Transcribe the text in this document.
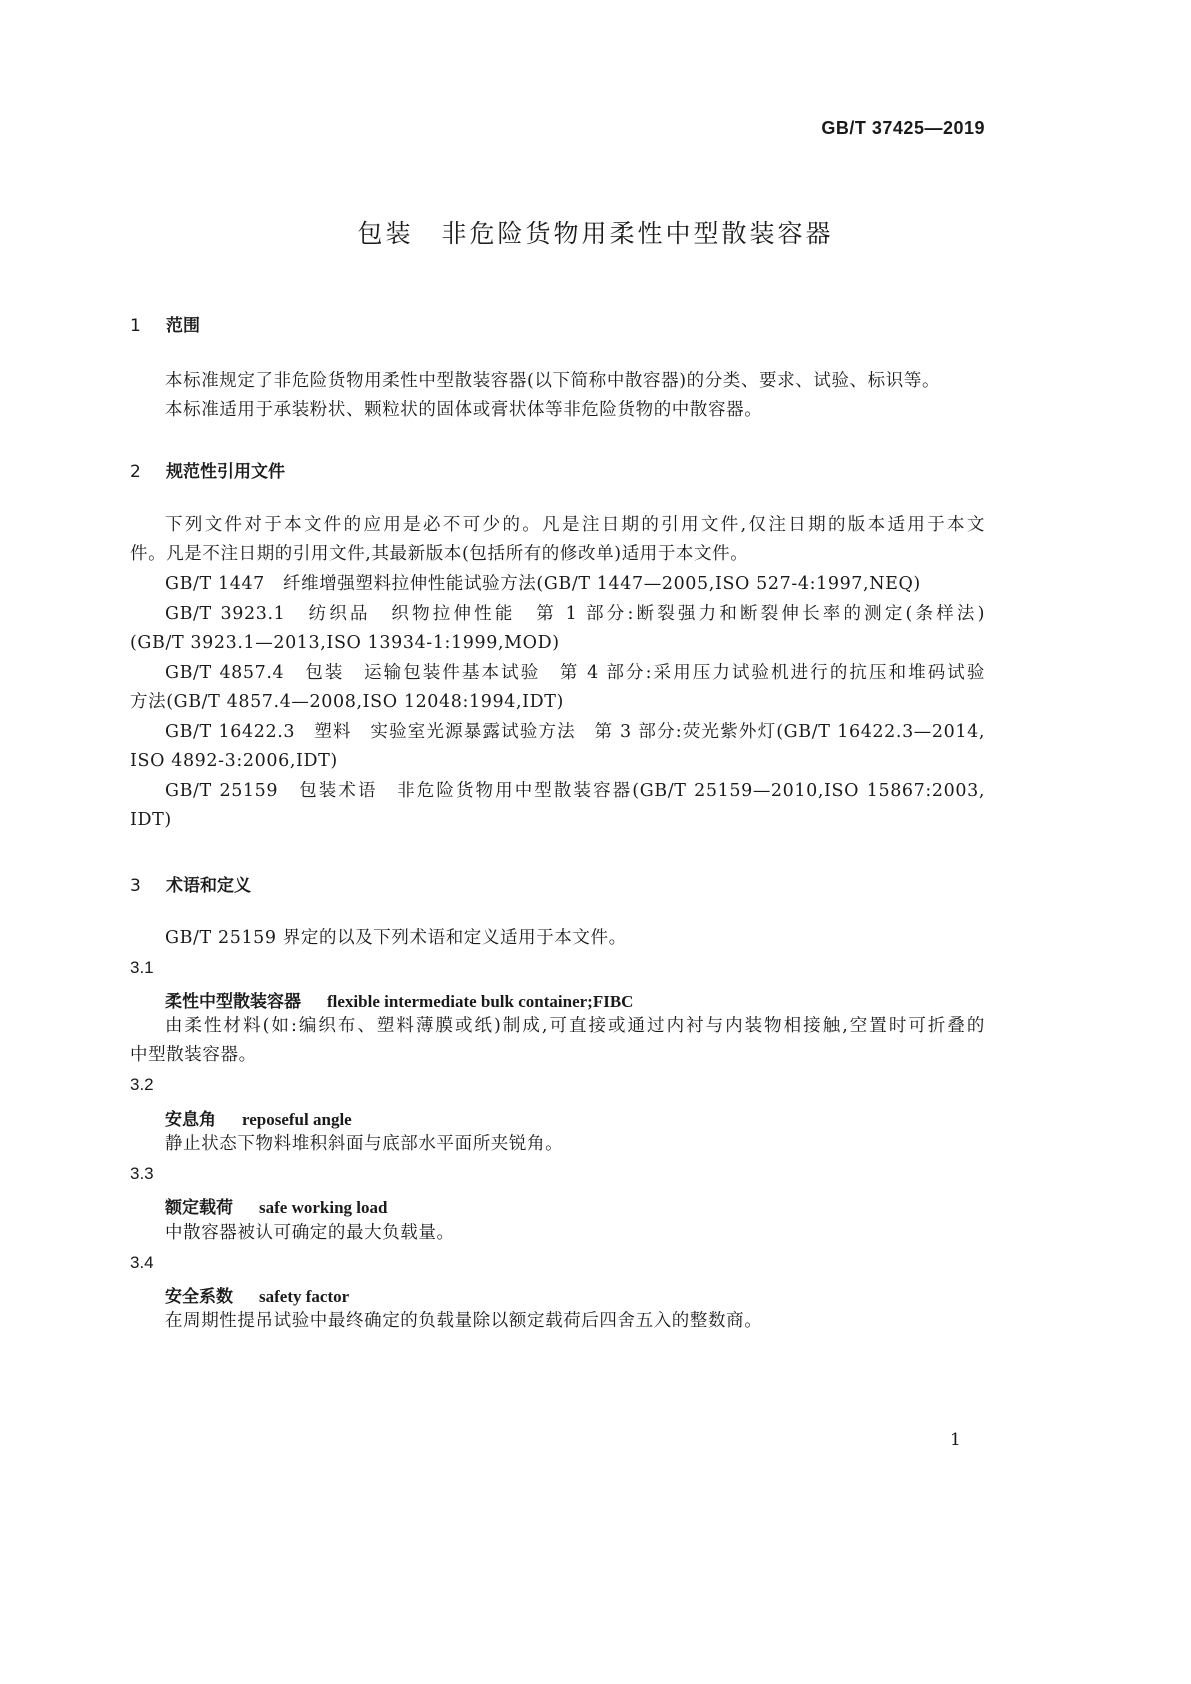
GB/T 37425—2019
包装　非危险货物用柔性中型散装容器
1 范围
本标准规定了非危险货物用柔性中型散装容器(以下简称中散容器)的分类、要求、试验、标识等。
本标准适用于承装粉状、颗粒状的固体或膏状体等非危险货物的中散容器。
2 规范性引用文件
下列文件对于本文件的应用是必不可少的。凡是注日期的引用文件,仅注日期的版本适用于本文
件。凡是不注日期的引用文件,其最新版本(包括所有的修改单)适用于本文件。
GB/T 1447　纤维增强塑料拉伸性能试验方法(GB/T 1447—2005,ISO 527-4:1997,NEQ)
GB/T 3923.1　纺织品　织物拉伸性能　第 1 部分:断裂强力和断裂伸长率的测定(条样法)
(GB/T 3923.1—2013,ISO 13934-1:1999,MOD)
GB/T 4857.4　包装　运输包装件基本试验　第 4 部分:采用压力试验机进行的抗压和堆码试验
方法(GB/T 4857.4—2008,ISO 12048:1994,IDT)
GB/T 16422.3　塑料　实验室光源暴露试验方法　第 3 部分:荧光紫外灯(GB/T 16422.3—2014,
ISO 4892-3:2006,IDT)
GB/T 25159　包装术语　非危险货物用中型散装容器(GB/T 25159—2010,ISO 15867:2003,
IDT)
3 术语和定义
GB/T 25159 界定的以及下列术语和定义适用于本文件。
3.1
柔性中型散装容器 flexible intermediate bulk container;FIBC
由柔性材料(如:编织布、塑料薄膜或纸)制成,可直接或通过内衬与内装物相接触,空置时可折叠的
中型散装容器。
3.2
安息角 reposeful angle
静止状态下物料堆积斜面与底部水平面所夹锐角。
3.3
额定载荷 safe working load
中散容器被认可确定的最大负载量。
3.4
安全系数 safety factor
在周期性提吊试验中最终确定的负载量除以额定载荷后四舍五入的整数商。
1
